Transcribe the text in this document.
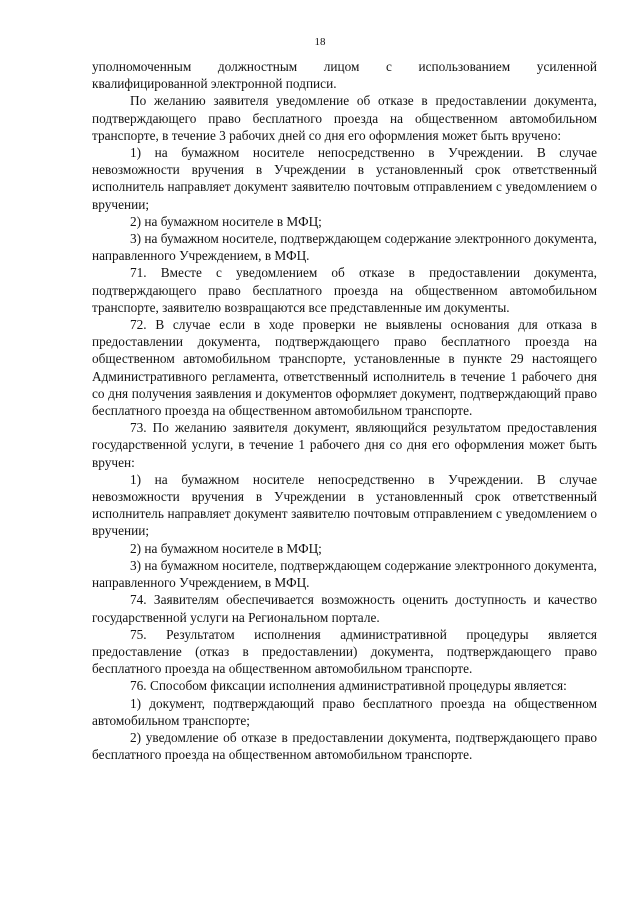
18

уполномоченным должностным лицом с использованием усиленной квалифицированной электронной подписи.

По желанию заявителя уведомление об отказе в предоставлении документа, подтверждающего право бесплатного проезда на общественном автомобильном транспорте, в течение 3 рабочих дней со дня его оформления может быть вручено:

1) на бумажном носителе непосредственно в Учреждении. В случае невозможности вручения в Учреждении в установленный срок ответственный исполнитель направляет документ заявителю почтовым отправлением с уведомлением о вручении;

2) на бумажном носителе в МФЦ;

3) на бумажном носителе, подтверждающем содержание электронного документа, направленного Учреждением, в МФЦ.

71. Вместе с уведомлением об отказе в предоставлении документа, подтверждающего право бесплатного проезда на общественном автомобильном транспорте, заявителю возвращаются все представленные им документы.

72. В случае если в ходе проверки не выявлены основания для отказа в предоставлении документа, подтверждающего право бесплатного проезда на общественном автомобильном транспорте, установленные в пункте 29 настоящего Административного регламента, ответственный исполнитель в течение 1 рабочего дня со дня получения заявления и документов оформляет документ, подтверждающий право бесплатного проезда на общественном автомобильном транспорте.

73. По желанию заявителя документ, являющийся результатом предоставления государственной услуги, в течение 1 рабочего дня со дня его оформления может быть вручен:

1) на бумажном носителе непосредственно в Учреждении. В случае невозможности вручения в Учреждении в установленный срок ответственный исполнитель направляет документ заявителю почтовым отправлением с уведомлением о вручении;

2) на бумажном носителе в МФЦ;

3) на бумажном носителе, подтверждающем содержание электронного документа, направленного Учреждением, в МФЦ.

74. Заявителям обеспечивается возможность оценить доступность и качество государственной услуги на Региональном портале.

75. Результатом исполнения административной процедуры является предоставление (отказ в предоставлении) документа, подтверждающего право бесплатного проезда на общественном автомобильном транспорте.

76. Способом фиксации исполнения административной процедуры является:

1) документ, подтверждающий право бесплатного проезда на общественном автомобильном транспорте;

2) уведомление об отказе в предоставлении документа, подтверждающего право бесплатного проезда на общественном автомобильном транспорте.
